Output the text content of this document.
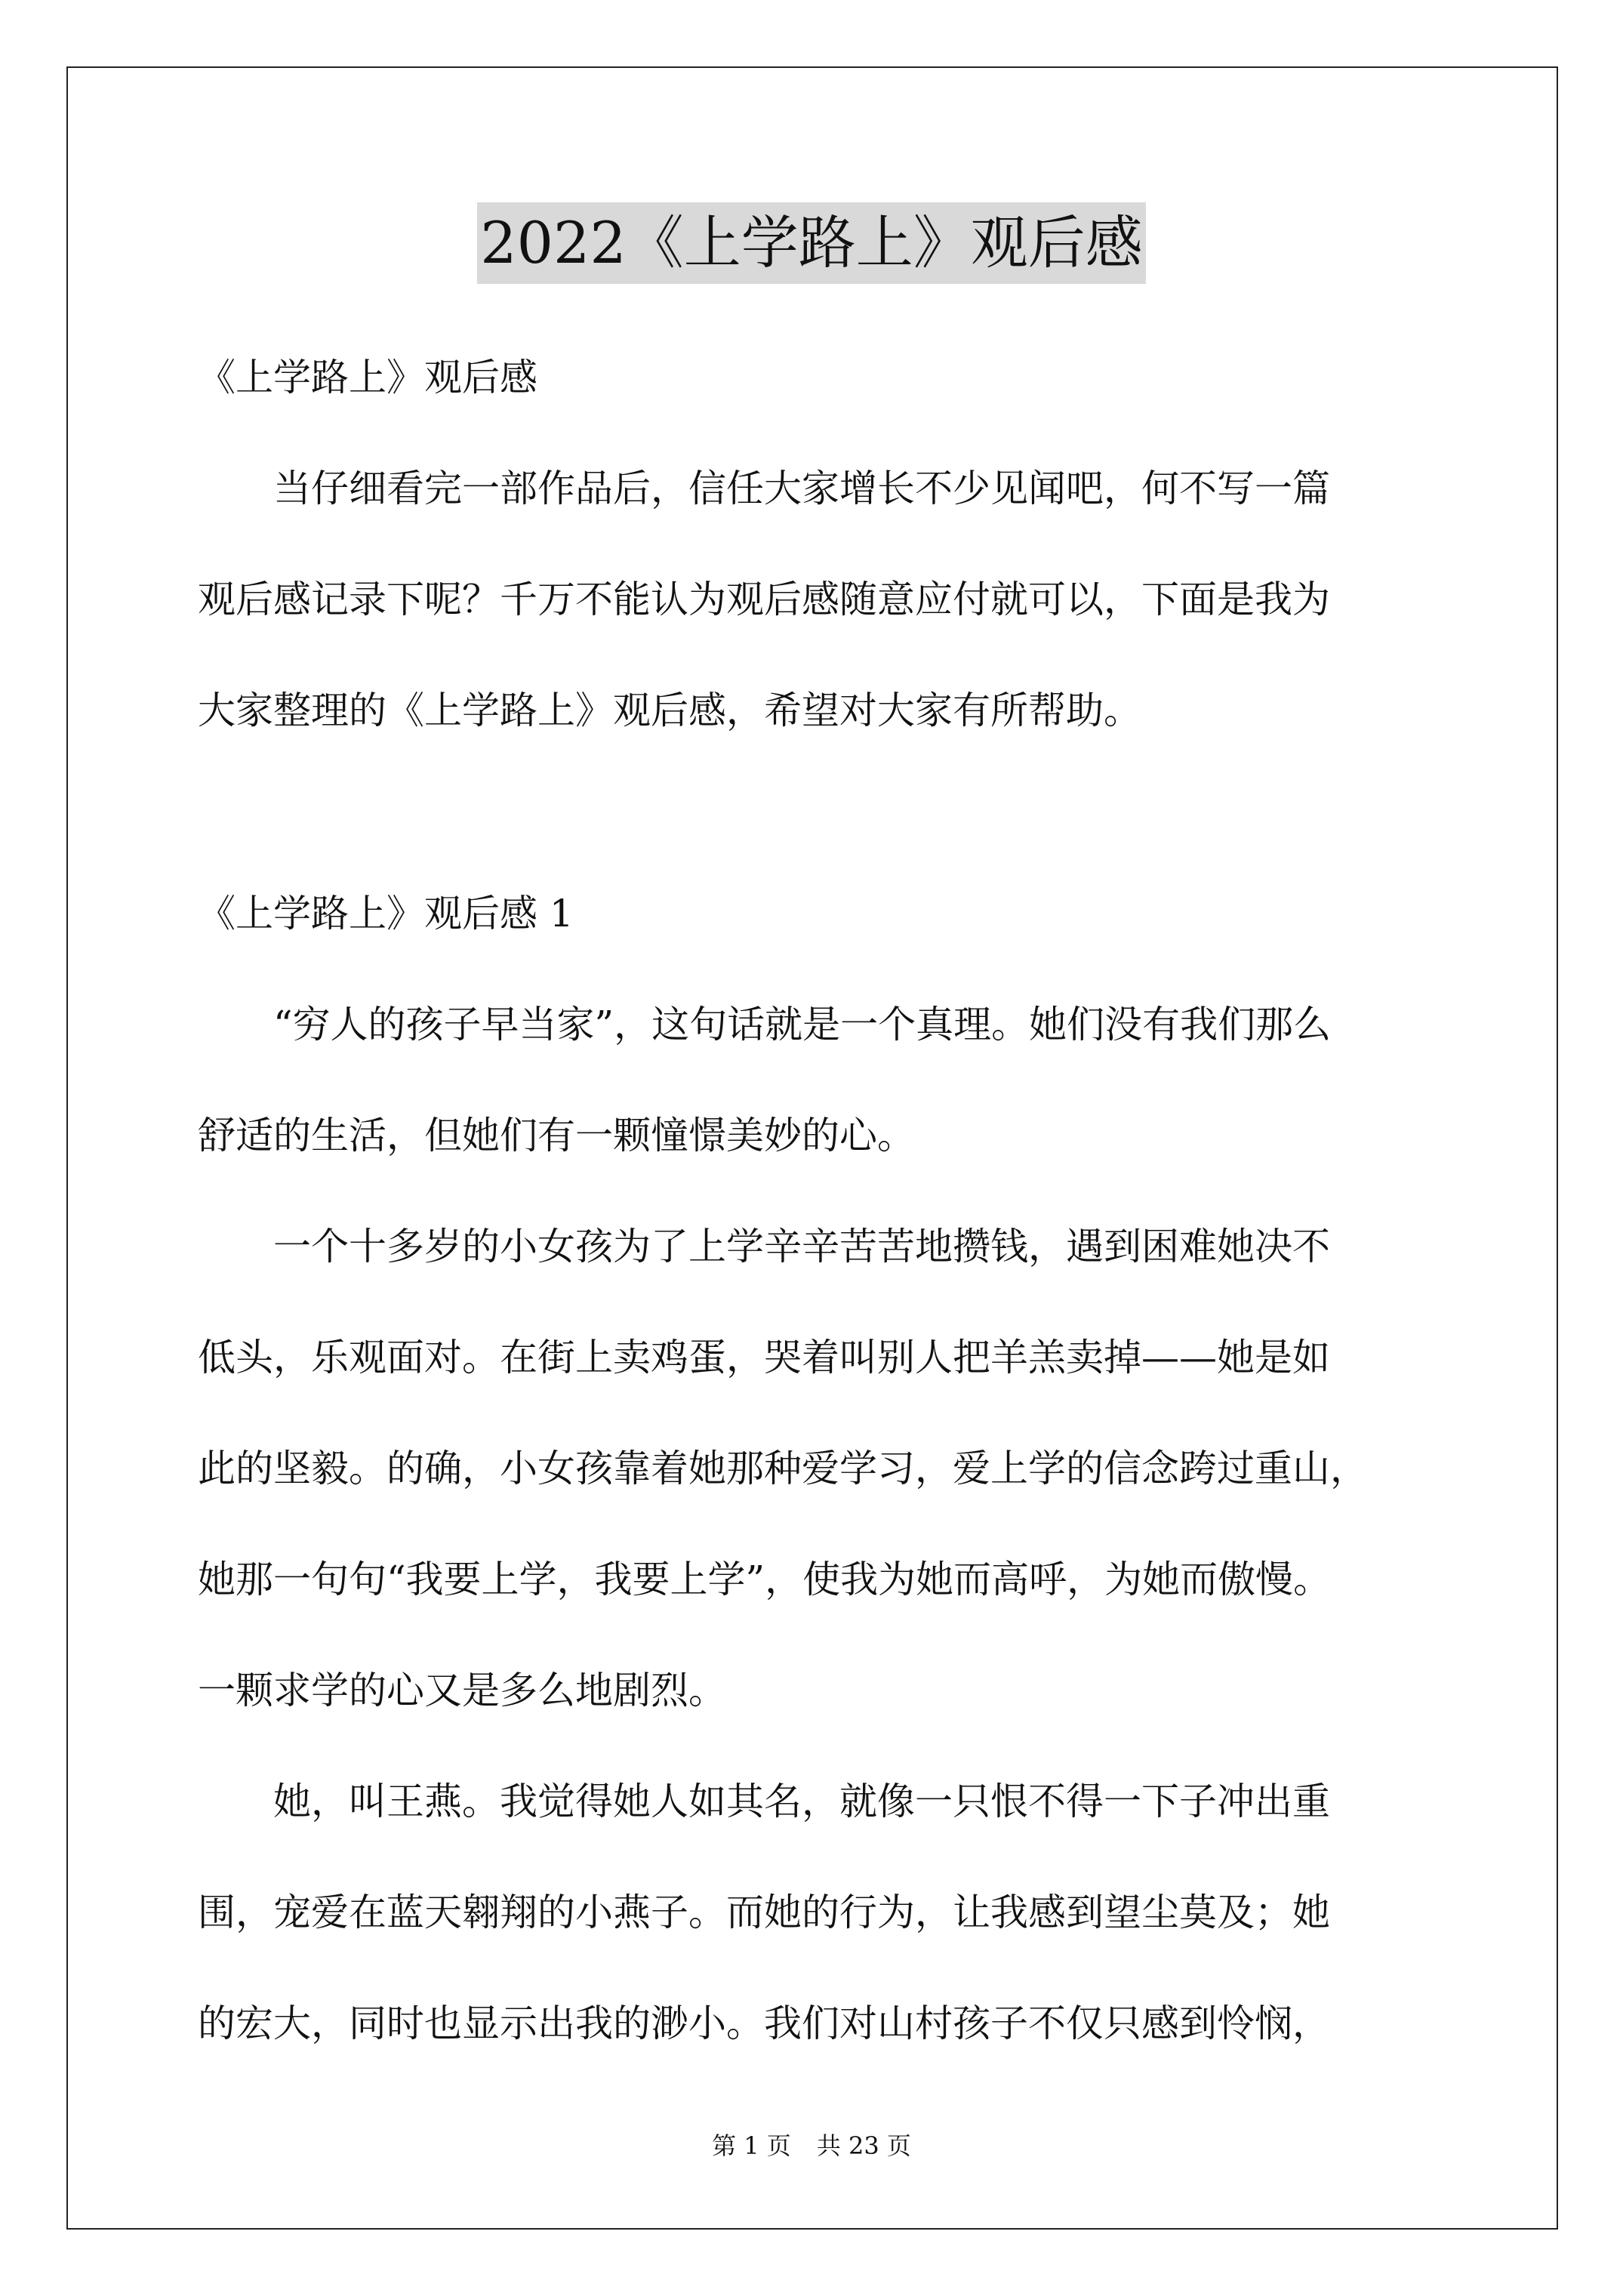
2022《上学路上》观后感
《上学路上》观后感
　　当仔细看完一部作品后，信任大家增长不少见闻吧，何不写一篇
观后感记录下呢？千万不能认为观后感随意应付就可以，下面是我为
大家整理的《上学路上》观后感，希望对大家有所帮助。
《上学路上》观后感 1
　　“穷人的孩子早当家”，这句话就是一个真理。她们没有我们那么
舒适的生活，但她们有一颗憧憬美妙的心。
　　一个十多岁的小女孩为了上学辛辛苦苦地攒钱，遇到困难她决不
低头，乐观面对。在街上卖鸡蛋，哭着叫别人把羊羔卖掉——她是如
此的坚毅。的确，小女孩靠着她那种爱学习，爱上学的信念跨过重山，
她那一句句“我要上学，我要上学”，使我为她而高呼，为她而傲慢。
一颗求学的心又是多么地剧烈。
　　她，叫王燕。我觉得她人如其名，就像一只恨不得一下子冲出重
围，宠爱在蓝天翱翔的小燕子。而她的行为，让我感到望尘莫及；她
的宏大，同时也显示出我的渺小。我们对山村孩子不仅只感到怜悯，
第 1 页 共 23 页
